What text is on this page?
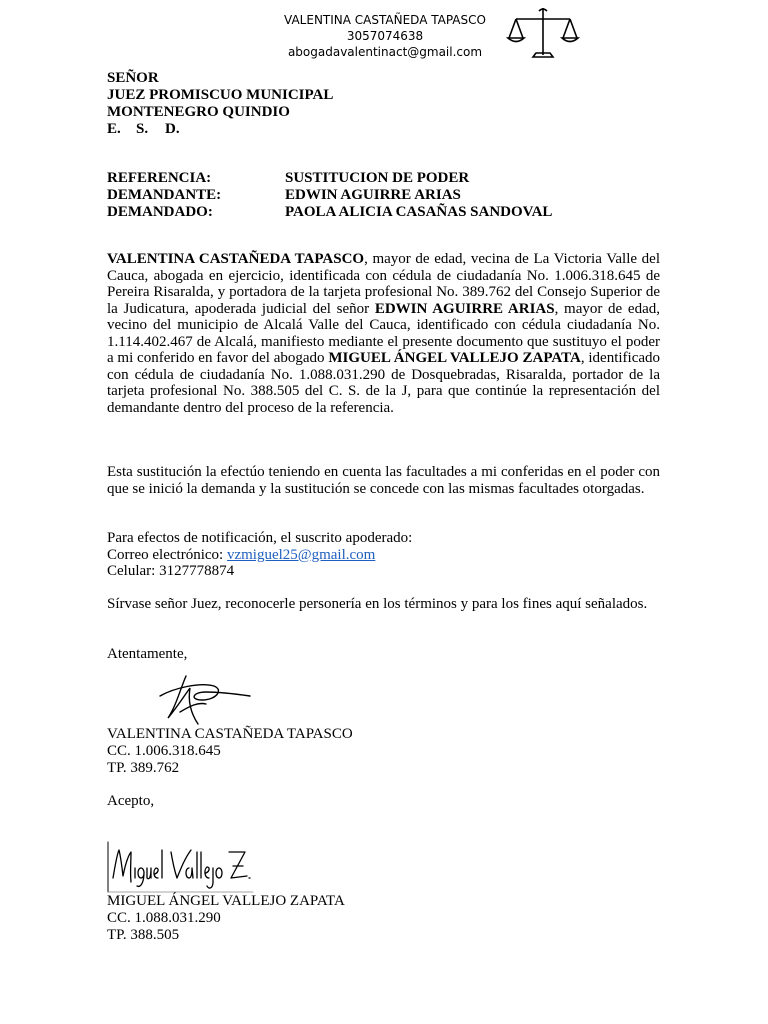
VALENTINA CASTAÑEDA TAPASCO
3057074638
abogadavalentinact@gmail.com
SEÑOR
JUEZ PROMISCUO MUNICIPAL
MONTENEGRO QUINDIO
E. S. D.
REFERENCIA:	SUSTITUCION DE PODER
DEMANDANTE:	EDWIN AGUIRRE ARIAS
DEMANDADO:	PAOLA ALICIA CASAÑAS SANDOVAL
VALENTINA CASTAÑEDA TAPASCO, mayor de edad, vecina de La Victoria Valle del Cauca, abogada en ejercicio, identificada con cédula de ciudadanía No. 1.006.318.645 de Pereira Risaralda, y portadora de la tarjeta profesional No. 389.762 del Consejo Superior de la Judicatura, apoderada judicial del señor EDWIN AGUIRRE ARIAS, mayor de edad, vecino del municipio de Alcalá Valle del Cauca, identificado con cédula ciudadanía No. 1.114.402.467 de Alcalá, manifiesto mediante el presente documento que sustituyo el poder a mi conferido en favor del abogado MIGUEL ÁNGEL VALLEJO ZAPATA, identificado con cédula de ciudadanía No. 1.088.031.290 de Dosquebradas, Risaralda, portador de la tarjeta profesional No. 388.505 del C. S. de la J, para que continúe la representación del demandante dentro del proceso de la referencia.
Esta sustitución la efectúo teniendo en cuenta las facultades a mi conferidas en el poder con que se inició la demanda y la sustitución se concede con las mismas facultades otorgadas.
Para efectos de notificación, el suscrito apoderado:
Correo electrónico: vzmiguel25@gmail.com
Celular: 3127778874
Sírvase señor Juez, reconocerle personería en los términos y para los fines aquí señalados.
Atentamente,
VALENTINA CASTAÑEDA TAPASCO
CC. 1.006.318.645
TP. 389.762
Acepto,
MIGUEL ÁNGEL VALLEJO ZAPATA
CC. 1.088.031.290
TP. 388.505
